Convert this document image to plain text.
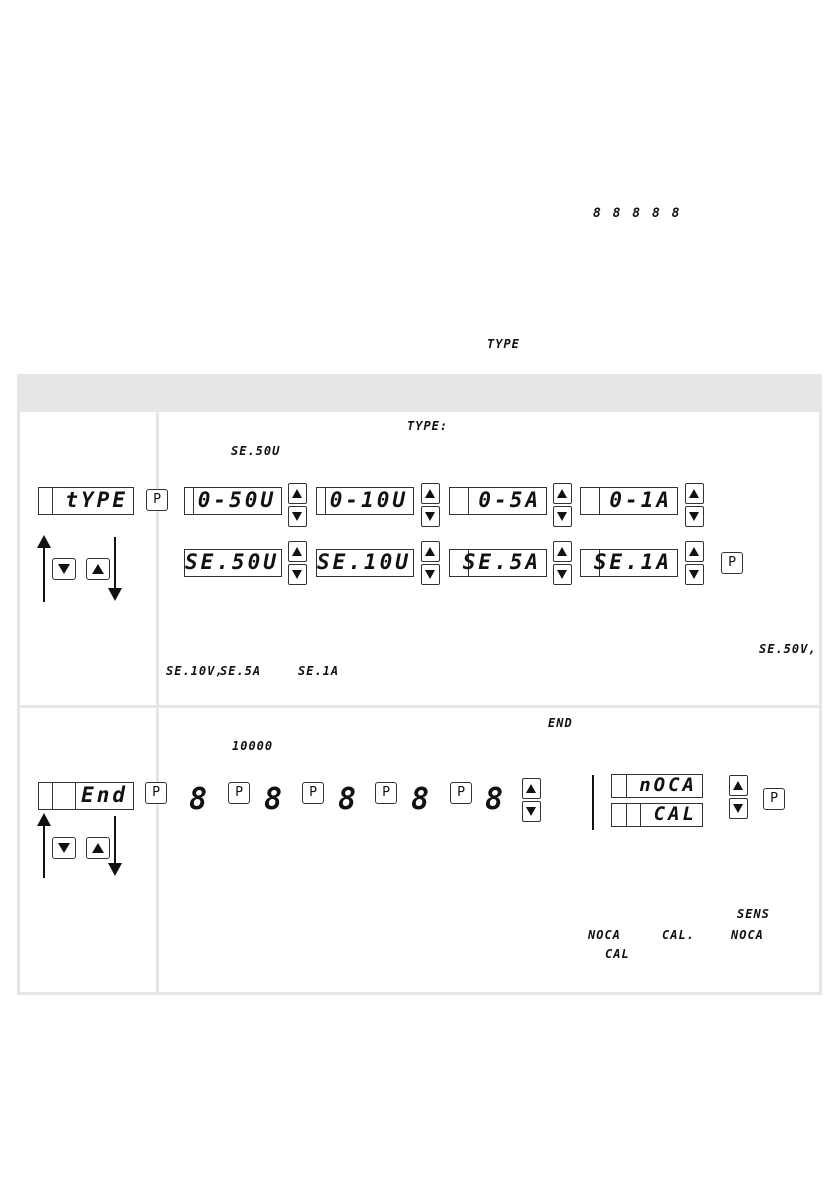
8 8 8 8 8
TYPE
TYPE:
SE.50U
tYPE	P	0-50U	0-10U	0-5A	0-1A
SE.50U SE.10U	SE.5A	SE.1A	P
SE.50V,
SE.10V,
SE.5A	SE.1A
END
10000
End	P 8	P 8	P 8	P 8	P 8	nOCA
CAL
P
SENS
NOCA	CAL.	NOCA
CAL
